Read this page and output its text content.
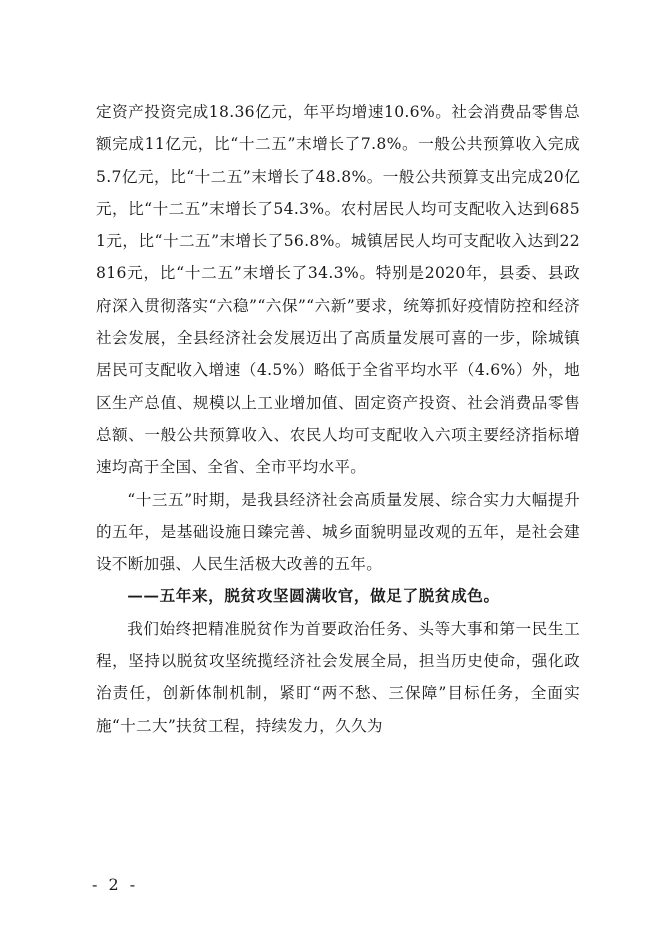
定资产投资完成18.36亿元，年平均增速10.6%。社会消费品零售总额完成11亿元，比“十二五”末增长了7.8%。一般公共预算收入完成5.7亿元，比“十二五”末增长了48.8%。一般公共预算支出完成20亿元，比“十二五”末增长了54.3%。农村居民人均可支配收入达到6851元，比“十二五”末增长了56.8%。城镇居民人均可支配收入达到22816元，比“十二五”末增长了34.3%。特别是2020年，县委、县政府深入贯彻落实“六稳”“六保”“六新”要求，统筹抓好疫情防控和经济社会发展，全县经济社会发展迈出了高质量发展可喜的一步，除城镇居民可支配收入增速（4.5%）略低于全省平均水平（4.6%）外，地区生产总值、规模以上工业增加值、固定资产投资、社会消费品零售总额、一般公共预算收入、农民人均可支配收入六项主要经济指标增速均高于全国、全省、全市平均水平。

“十三五”时期，是我县经济社会高质量发展、综合实力大幅提升的五年，是基础设施日臻完善、城乡面貌明显改观的五年，是社会建设不断加强、人民生活极大改善的五年。

——五年来，脱贫攻坚圆满收官，做足了脱贫成色。

我们始终把精准脱贫作为首要政治任务、头等大事和第一民生工程，坚持以脱贫攻坚统揽经济社会发展全局，担当历史使命，强化政治责任，创新体制机制，紧盯“两不愁、三保障”目标任务，全面实施“十二大”扶贫工程，持续发力，久久为

- 2 -
